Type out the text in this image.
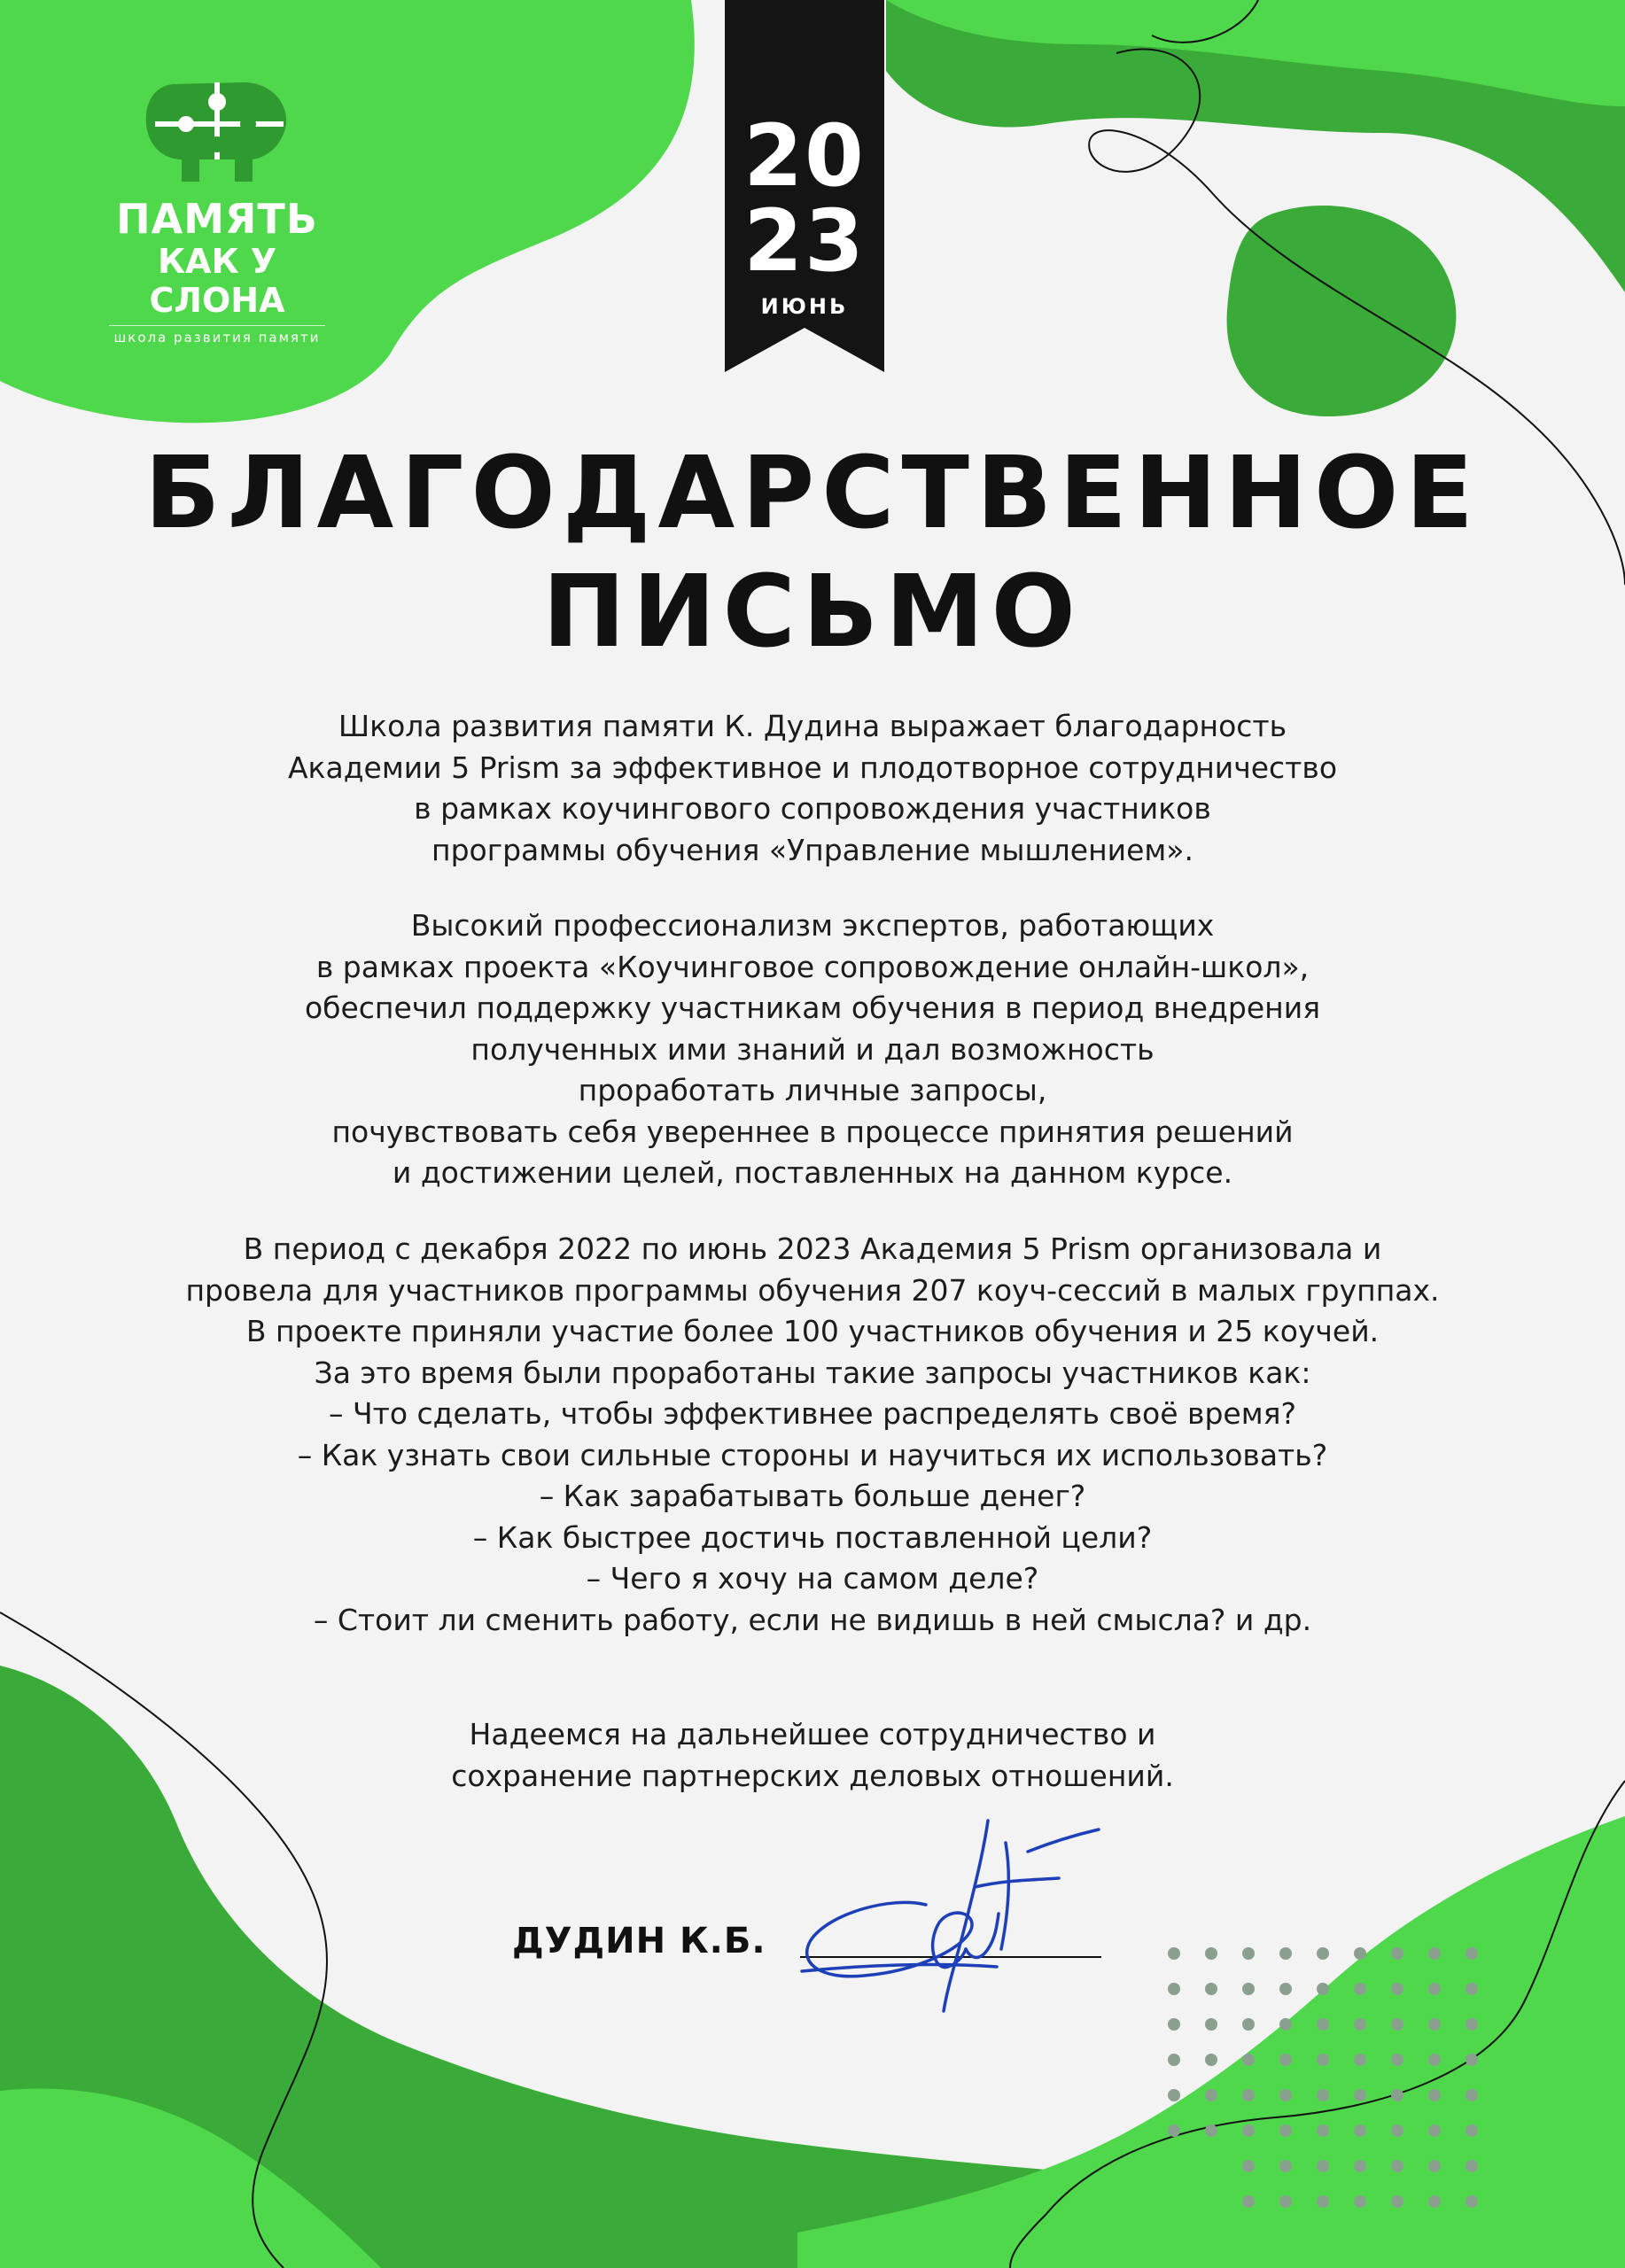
ПАМЯТЬ
КАК У СЛОНА
школа развития памяти
20
23
ИЮНЬ
БЛАГОДАРСТВЕННОЕ
ПИСЬМО
Школа развития памяти К. Дудина выражает благодарность
Академии 5 Prism за эффективное и плодотворное сотрудничество
в рамках коучингового сопровождения участников
программы обучения «Управление мышлением».
Высокий профессионализм экспертов, работающих
в рамках проекта «Коучинговое сопровождение онлайн-школ»,
обеспечил поддержку участникам обучения в период внедрения
полученных ими знаний и дал возможность
проработать личные запросы,
почувствовать себя увереннее в процессе принятия решений
и достижении целей, поставленных на данном курсе.
В период с декабря 2022 по июнь 2023 Академия 5 Prism организовала и
провела для участников программы обучения 207 коуч-сессий в малых группах.
В проекте приняли участие более 100 участников обучения и 25 коучей.
За это время были проработаны такие запросы участников как:
– Что сделать, чтобы эффективнее распределять своё время?
– Как узнать свои сильные стороны и научиться их использовать?
– Как зарабатывать больше денег?
– Как быстрее достичь поставленной цели?
– Чего я хочу на самом деле?
– Стоит ли сменить работу, если не видишь в ней смысла? и др.
Надеемся на дальнейшее сотрудничество и
сохранение партнерских деловых отношений.
ДУДИН К.Б.
